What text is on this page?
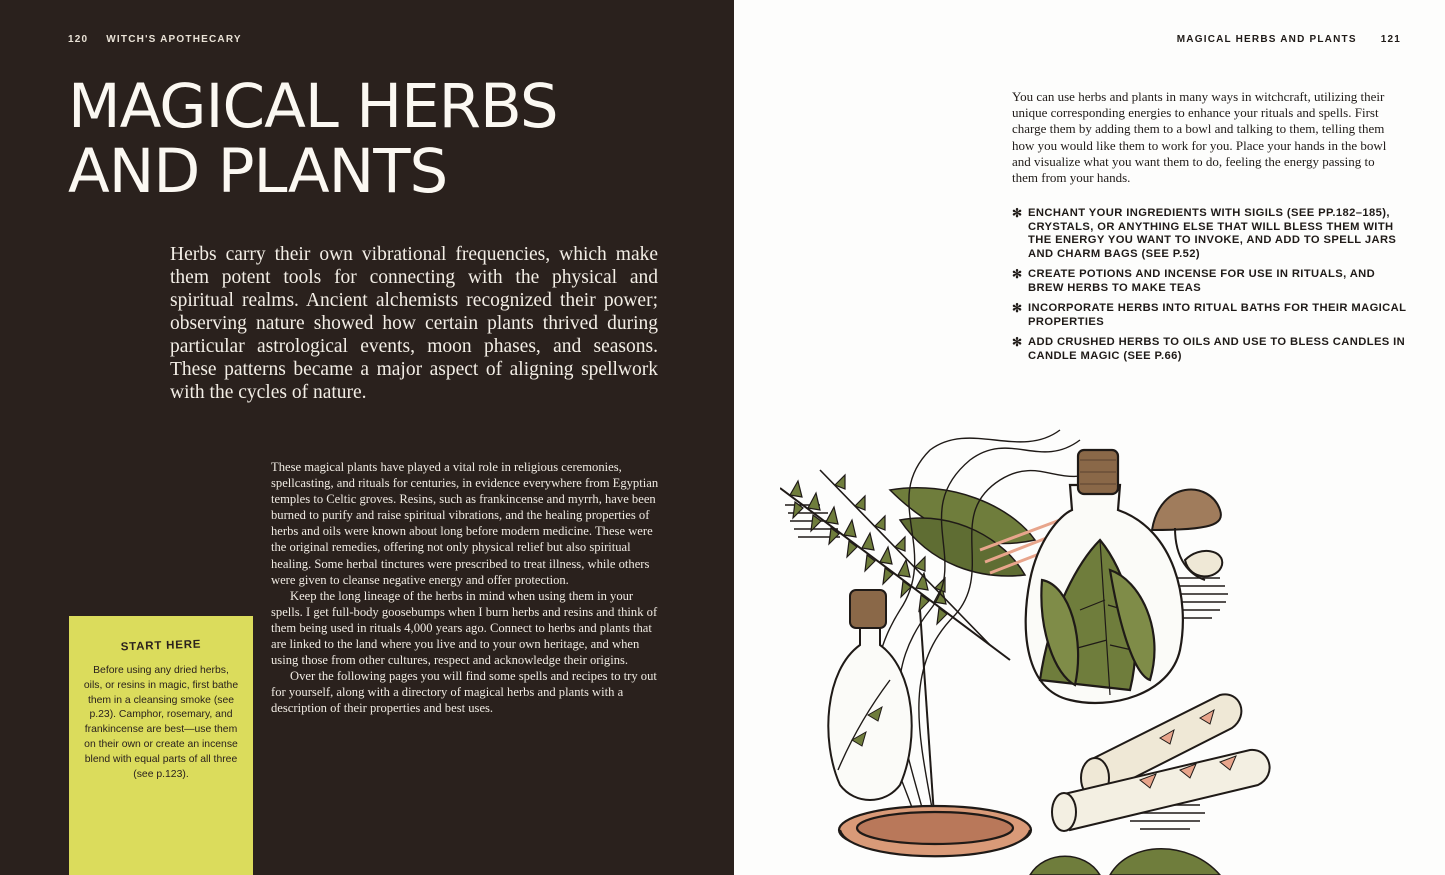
120 WITCH'S APOTHECARY
MAGICAL HERBS
AND PLANTS

Herbs carry their own vibrational frequencies, which make them potent tools for connecting with the physical and spiritual realms. Ancient alchemists recognized their power; observing nature showed how certain plants thrived during particular astrological events, moon phases, and seasons. These patterns became a major aspect of aligning spellwork with the cycles of nature.

These magical plants have played a vital role in religious ceremonies, spellcasting, and rituals for centuries, in evidence everywhere from Egyptian temples to Celtic groves. Resins, such as frankincense and myrrh, have been burned to purify and raise spiritual vibrations, and the healing properties of herbs and oils were known about long before modern medicine. These were the original remedies, offering not only physical relief but also spiritual healing. Some herbal tinctures were prescribed to treat illness, while others were given to cleanse negative energy and offer protection.

Keep the long lineage of the herbs in mind when using them in your spells. I get full-body goosebumps when I burn herbs and resins and think of them being used in rituals 4,000 years ago. Connect to herbs and plants that are linked to the land where you live and to your own heritage, and when using those from other cultures, respect and acknowledge their origins.

Over the following pages you will find some spells and recipes to try out for yourself, along with a directory of magical herbs and plants with a description of their properties and best uses.

START HERE

Before using any dried herbs, oils, or resins in magic, first bathe them in a cleansing smoke (see p.23). Camphor, rosemary, and frankincense are best—use them on their own or create an incense blend with equal parts of all three (see p.123).

MAGICAL HERBS AND PLANTS 121

You can use herbs and plants in many ways in witchcraft, utilizing their unique corresponding energies to enhance your rituals and spells. First charge them by adding them to a bowl and talking to them, telling them how you would like them to work for you. Place your hands in the bowl and visualize what you want them to do, feeling the energy passing to them from your hands.

✻ ENCHANT YOUR INGREDIENTS WITH SIGILS (SEE PP.182–185), CRYSTALS, OR ANYTHING ELSE THAT WILL BLESS THEM WITH THE ENERGY YOU WANT TO INVOKE, AND ADD TO SPELL JARS AND CHARM BAGS (SEE P.52)
✻ CREATE POTIONS AND INCENSE FOR USE IN RITUALS, AND BREW HERBS TO MAKE TEAS
✻ INCORPORATE HERBS INTO RITUAL BATHS FOR THEIR MAGICAL PROPERTIES
✻ ADD CRUSHED HERBS TO OILS AND USE TO BLESS CANDLES IN CANDLE MAGIC (SEE P.66)
